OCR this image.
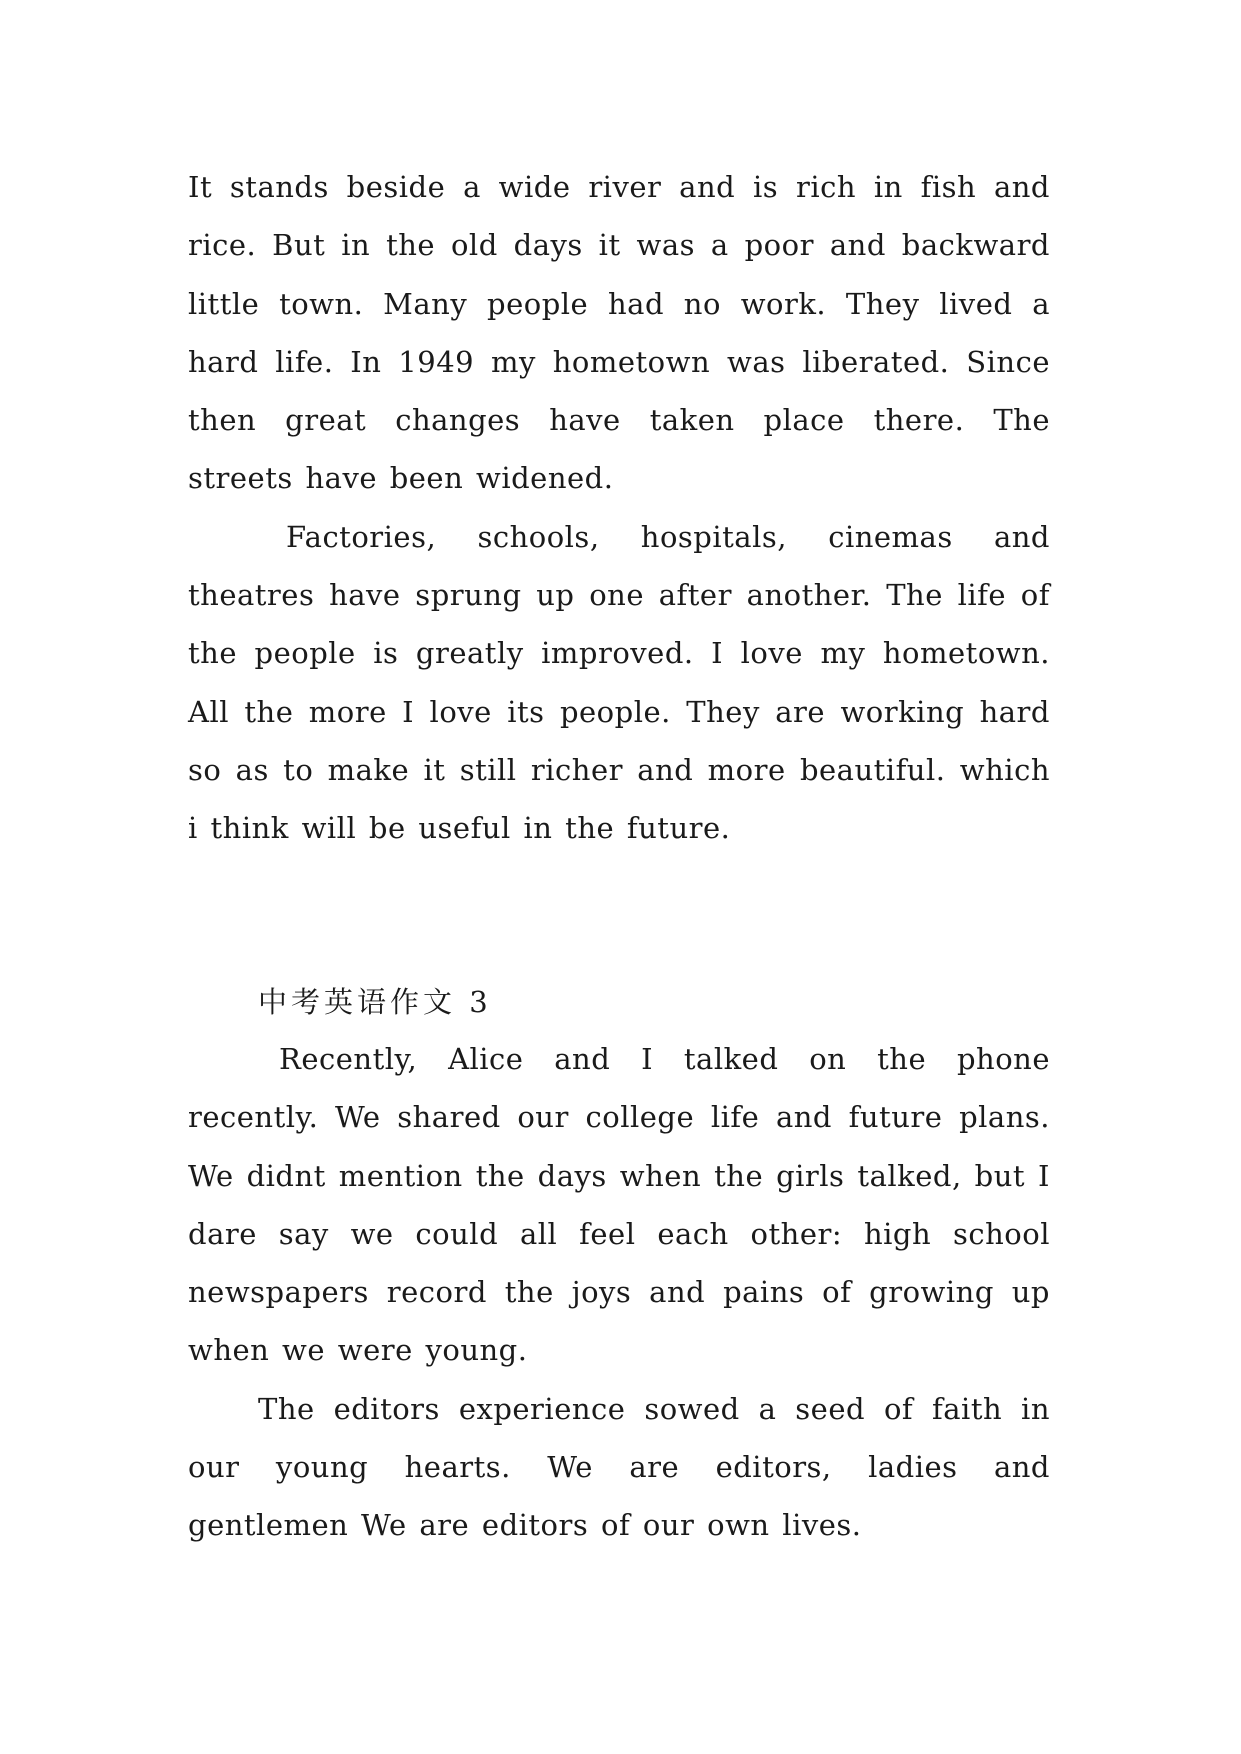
It stands beside a wide river and is rich in fish and rice. But in the old days it was a poor and backward little town. Many people had no work. They lived a hard life. In 1949 my hometown was liberated. Since then great changes have taken place there. The streets have been widened.

Factories, schools, hospitals, cinemas and theatres have sprung up one after another. The life of the people is greatly improved. I love my hometown. All the more I love its people. They are working hard so as to make it still richer and more beautiful. which i think will be useful in the future.

中考英语作文 3

Recently, Alice and I talked on the phone recently. We shared our college life and future plans. We didnt mention the days when the girls talked, but I dare say we could all feel each other: high school newspapers record the joys and pains of growing up when we were young.

The editors experience sowed a seed of faith in our young hearts. We are editors, ladies and gentlemen We are editors of our own lives.
